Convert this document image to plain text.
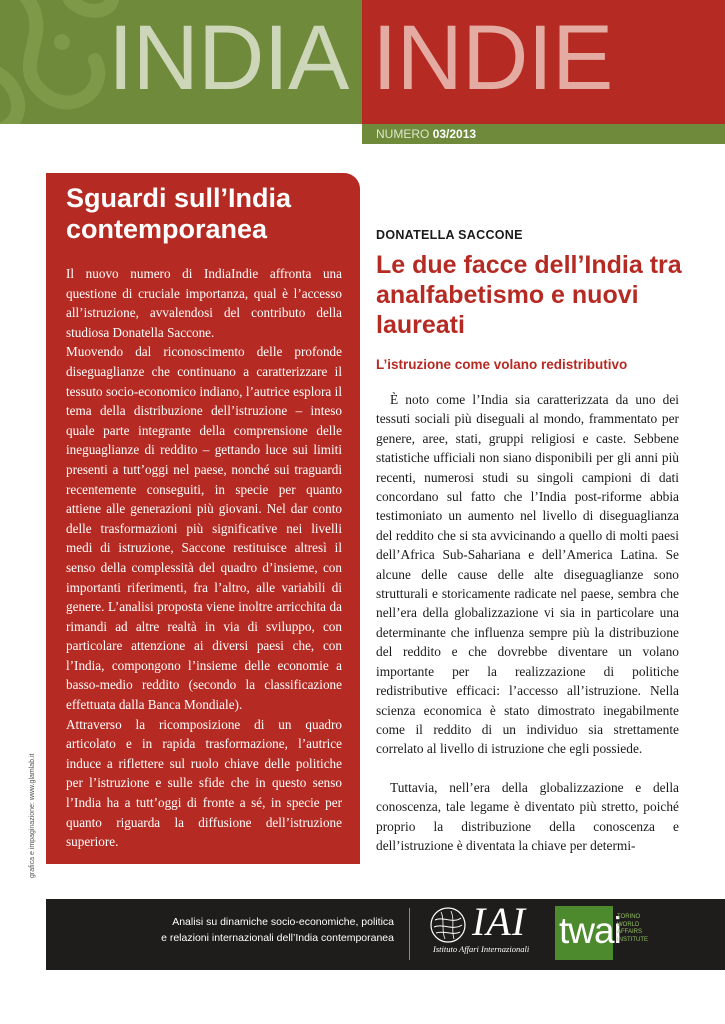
INDIA INDIE
NUMERO 03/2013
Sguardi sull’India contemporanea

Il nuovo numero di IndiaIndie affronta una questione di cruciale importanza, qual è l’accesso all’istruzione, avvalendosi del contributo della studiosa Donatella Saccone.

Muovendo dal riconoscimento delle profonde diseguaglianze che continuano a caratterizzare il tessuto socio-economico indiano, l’autrice esplora il tema della distribuzione dell’istruzione – inteso quale parte integrante della comprensione delle ineguaglianze di reddito – gettando luce sui limiti presenti a tutt’oggi nel paese, nonché sui traguardi recentemente conseguiti, in specie per quanto attiene alle generazioni più giovani. Nel dar conto delle trasformazioni più significative nei livelli medi di istruzione, Saccone restituisce altresì il senso della complessità del quadro d’insieme, con importanti riferimenti, fra l’altro, alle variabili di genere. L’analisi proposta viene inoltre arricchita da rimandi ad altre realtà in via di sviluppo, con particolare attenzione ai diversi paesi che, con l’India, compongono l’insieme delle economie a basso-medio reddito (secondo la classificazione effettuata dalla Banca Mondiale).

Attraverso la ricomposizione di un quadro articolato e in rapida trasformazione, l’autrice induce a riflettere sul ruolo chiave delle politiche per l’istruzione e sulle sfide che in questo senso l’India ha a tutt’oggi di fronte a sé, in specie per quanto riguarda la diffusione dell’istruzione superiore.

grafica e impaginazione: www.glamlab.it
DONATELLA SACCONE
Le due facce dell’India tra analfabetismo e nuovi laureati
L’istruzione come volano redistributivo

È noto come l’India sia caratterizzata da uno dei tessuti sociali più diseguali al mondo, frammentato per genere, aree, stati, gruppi religiosi e caste. Sebbene statistiche ufficiali non siano disponibili per gli anni più recenti, numerosi studi su singoli campioni di dati concordano sul fatto che l’India post-riforme abbia testimoniato un aumento nel livello di diseguaglianza del reddito che si sta avvicinando a quello di molti paesi dell’Africa Sub-Sahariana e dell’America Latina. Se alcune delle cause delle alte diseguaglianze sono strutturali e storicamente radicate nel paese, sembra che nell’era della globalizzazione vi sia in particolare una determinante che influenza sempre più la distribuzione del reddito e che dovrebbe diventare un volano importante per la realizzazione di politiche redistributive efficaci: l’accesso all’istruzione. Nella scienza economica è stato dimostrato inegabilmente come il reddito di un individuo sia strettamente correlato al livello di istruzione che egli possiede.

Tuttavia, nell’era della globalizzazione e della conoscenza, tale legame è diventato più stretto, poiché proprio la distribuzione della conoscenza e dell’istruzione è diventata la chiave per determi-

Analisi su dinamiche socio-economiche, politica
e relazioni internazionali dell’India contemporanea IAI
Istituto Affari Internazionali twai
TORINO
WORLD
AFFAIRS
INSTITUTE
